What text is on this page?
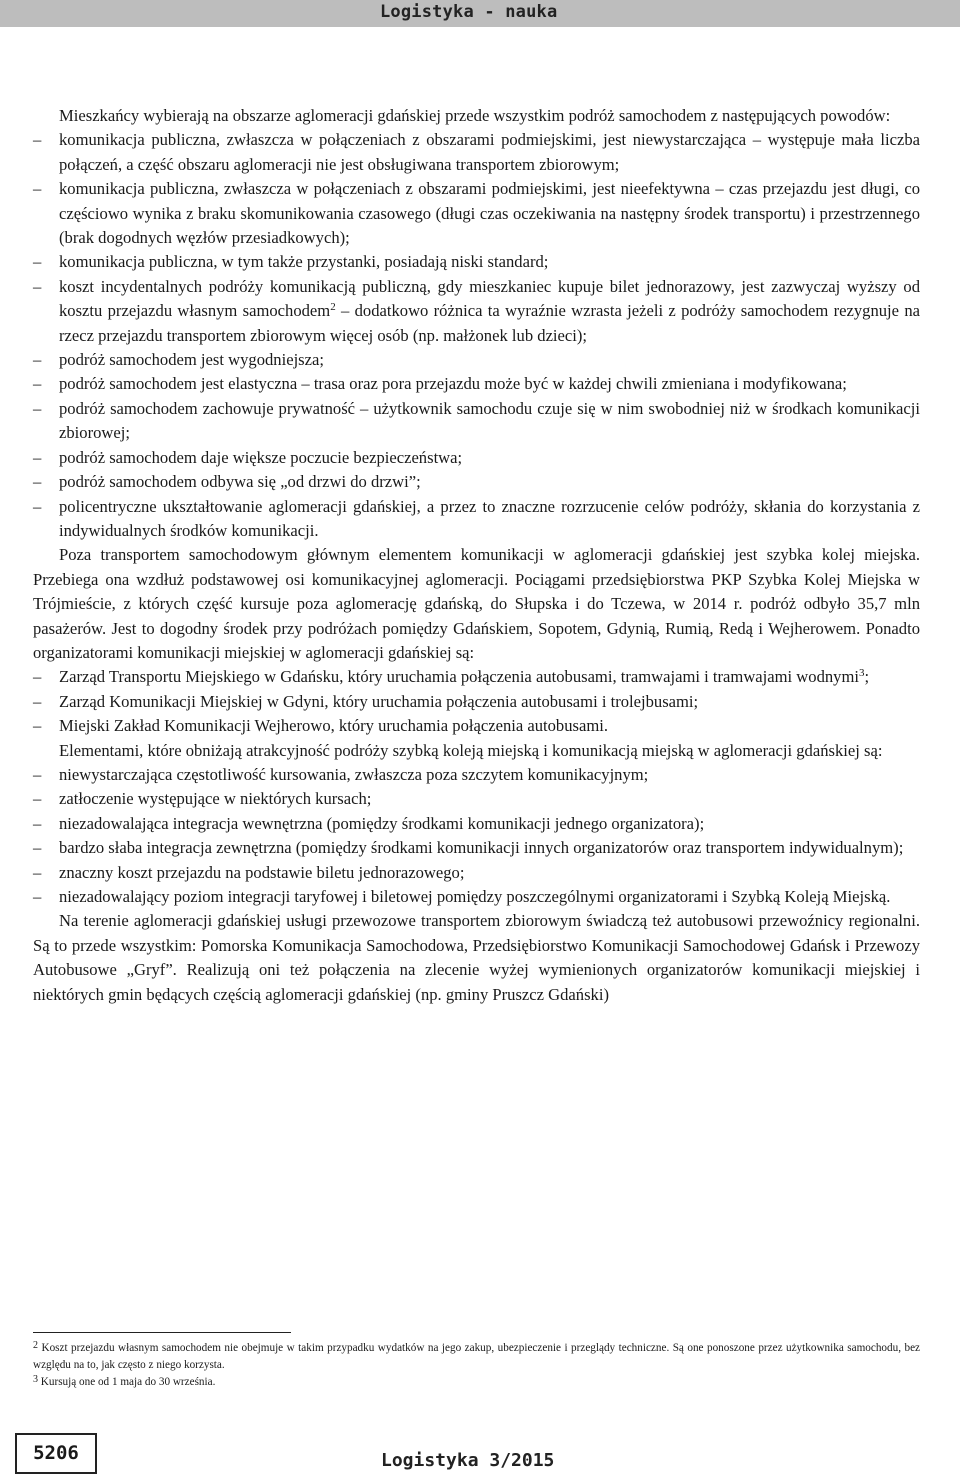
Logistyka - nauka

Mieszkańcy wybierają na obszarze aglomeracji gdańskiej przede wszystkim podróż samochodem z następujących powodów:

– komunikacja publiczna, zwłaszcza w połączeniach z obszarami podmiejskimi, jest niewystarczająca – występuje mała liczba połączeń, a część obszaru aglomeracji nie jest obsługiwana transportem zbiorowym;

– komunikacja publiczna, zwłaszcza w połączeniach z obszarami podmiejskimi, jest nieefektywna – czas przejazdu jest długi, co częściowo wynika z braku skomunikowania czasowego (długi czas oczekiwania na następny środek transportu) i przestrzennego (brak dogodnych węzłów przesiadkowych);

– komunikacja publiczna, w tym także przystanki, posiadają niski standard;

– koszt incydentalnych podróży komunikacją publiczną, gdy mieszkaniec kupuje bilet jednorazowy, jest zazwyczaj wyższy od kosztu przejazdu własnym samochodem$^2$ – dodatkowo różnica ta wyraźnie wzrasta jeżeli z podróży samochodem rezygnuje na rzecz przejazdu transportem zbiorowym więcej osób (np. małżonek lub dzieci);

– podróż samochodem jest wygodniejsza;

– podróż samochodem jest elastyczna – trasa oraz pora przejazdu może być w każdej chwili zmieniana i modyfikowana;

– podróż samochodem zachowuje prywatność – użytkownik samochodu czuje się w nim swobodniej niż w środkach komunikacji zbiorowej;

– podróż samochodem daje większe poczucie bezpieczeństwa;

– podróż samochodem odbywa się „od drzwi do drzwi”;

– policentryczne ukształtowanie aglomeracji gdańskiej, a przez to znaczne rozrzucenie celów podróży, skłania do korzystania z indywidualnych środków komunikacji.

Poza transportem samochodowym głównym elementem komunikacji w aglomeracji gdańskiej jest szybka kolej miejska. Przebiega ona wzdłuż podstawowej osi komunikacyjnej aglomeracji. Pociągami przedsiębiorstwa PKP Szybka Kolej Miejska w Trójmieście, z których część kursuje poza aglomerację gdańską, do Słupska i do Tczewa, w 2014 r. podróż odbyło 35,7 mln pasażerów. Jest to dogodny środek przy podróżach pomiędzy Gdańskiem, Sopotem, Gdynią, Rumią, Redą i Wejherowem. Ponadto organizatorami komunikacji miejskiej w aglomeracji gdańskiej są:

– Zarząd Transportu Miejskiego w Gdańsku, który uruchamia połączenia autobusami, tramwajami i tramwajami wodnymi$^3$;

– Zarząd Komunikacji Miejskiej w Gdyni, który uruchamia połączenia autobusami i trolejbusami;

– Miejski Zakład Komunikacji Wejherowo, który uruchamia połączenia autobusami.

Elementami, które obniżają atrakcyjność podróży szybką koleją miejską i komunikacją miejską w aglomeracji gdańskiej są:

– niewystarczająca częstotliwość kursowania, zwłaszcza poza szczytem komunikacyjnym;

– zatłoczenie występujące w niektórych kursach;

– niezadowalająca integracja wewnętrzna (pomiędzy środkami komunikacji jednego organizatora);

– bardzo słaba integracja zewnętrzna (pomiędzy środkami komunikacji innych organizatorów oraz transportem indywidualnym);

– znaczny koszt przejazdu na podstawie biletu jednorazowego;

– niezadowalający poziom integracji taryfowej i biletowej pomiędzy poszczególnymi organizatorami i Szybką Koleją Miejską.

Na terenie aglomeracji gdańskiej usługi przewozowe transportem zbiorowym świadczą też autobusowi przewoźnicy regionalni. Są to przede wszystkim: Pomorska Komunikacja Samochodowa, Przedsiębiorstwo Komunikacji Samochodowej Gdańsk i Przewozy Autobusowe „Gryf”. Realizują oni też połączenia na zlecenie wyżej wymienionych organizatorów komunikacji miejskiej i niektórych gmin będących częścią aglomeracji gdańskiej (np. gminy Pruszcz Gdański)

$^2$ Koszt przejazdu własnym samochodem nie obejmuje w takim przypadku wydatków na jego zakup, ubezpieczenie i przeglądy techniczne. Są one ponoszone przez użytkownika samochodu, bez względu na to, jak często z niego korzysta.

$^3$ Kursują one od 1 maja do 30 września.

5206	Logistyka 3/2015
